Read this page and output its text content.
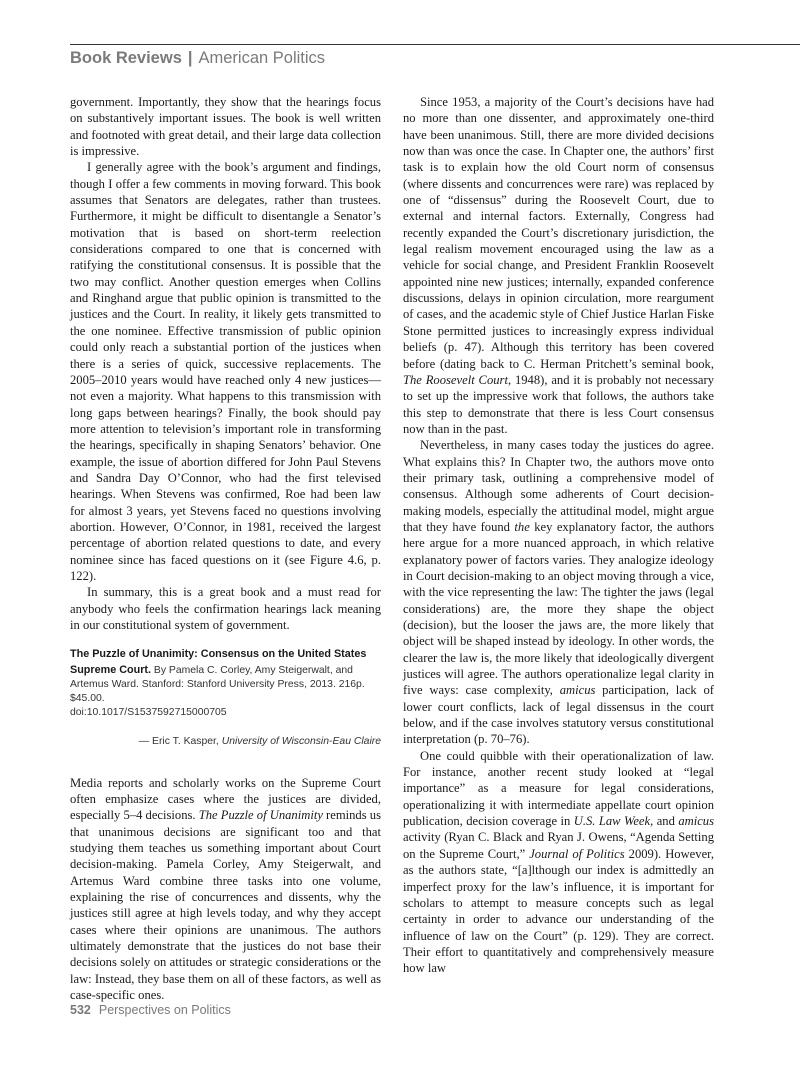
Book Reviews | American Politics

government. Importantly, they show that the hearings focus on substantively important issues. The book is well written and footnoted with great detail, and their large data collection is impressive.

I generally agree with the book’s argument and findings, though I offer a few comments in moving forward. This book assumes that Senators are delegates, rather than trustees. Furthermore, it might be difficult to disentangle a Senator’s motivation that is based on short-term reelection considerations compared to one that is concerned with ratifying the constitutional consensus. It is possible that the two may conflict. Another question emerges when Collins and Ringhand argue that public opinion is transmitted to the justices and the Court. In reality, it likely gets transmitted to the one nominee. Effective transmission of public opinion could only reach a substantial portion of the justices when there is a series of quick, successive replacements. The 2005–2010 years would have reached only 4 new justices—not even a majority. What happens to this transmission with long gaps between hearings? Finally, the book should pay more attention to television’s important role in transforming the hearings, specifically in shaping Senators’ behavior. One example, the issue of abortion differed for John Paul Stevens and Sandra Day O’Connor, who had the first televised hearings. When Stevens was confirmed, Roe had been law for almost 3 years, yet Stevens faced no questions involving abortion. However, O’Connor, in 1981, received the largest percentage of abortion related questions to date, and every nominee since has faced questions on it (see Figure 4.6, p. 122).

In summary, this is a great book and a must read for anybody who feels the confirmation hearings lack meaning in our constitutional system of government.

The Puzzle of Unanimity: Consensus on the United States Supreme Court. By Pamela C. Corley, Amy Steigerwalt, and Artemus Ward. Stanford: Stanford University Press, 2013. 216p. $45.00.
doi:10.1017/S1537592715000705
— Eric T. Kasper, University of Wisconsin-Eau Claire

Media reports and scholarly works on the Supreme Court often emphasize cases where the justices are divided, especially 5–4 decisions. The Puzzle of Unanimity reminds us that unanimous decisions are significant too and that studying them teaches us something important about Court decision-making. Pamela Corley, Amy Steigerwalt, and Artemus Ward combine three tasks into one volume, explaining the rise of concurrences and dissents, why the justices still agree at high levels today, and why they accept cases where their opinions are unanimous. The authors ultimately demonstrate that the justices do not base their decisions solely on attitudes or strategic considerations or the law: Instead, they base them on all of these factors, as well as case-specific ones.

Since 1953, a majority of the Court’s decisions have had no more than one dissenter, and approximately one-third have been unanimous. Still, there are more divided decisions now than was once the case. In Chapter one, the authors’ first task is to explain how the old Court norm of consensus (where dissents and concurrences were rare) was replaced by one of “dissensus” during the Roosevelt Court, due to external and internal factors. Externally, Congress had recently expanded the Court’s discretionary jurisdiction, the legal realism movement encouraged using the law as a vehicle for social change, and President Franklin Roosevelt appointed nine new justices; internally, expanded conference discussions, delays in opinion circulation, more reargument of cases, and the academic style of Chief Justice Harlan Fiske Stone permitted justices to increasingly express individual beliefs (p. 47). Although this territory has been covered before (dating back to C. Herman Pritchett’s seminal book, The Roosevelt Court, 1948), and it is probably not necessary to set up the impressive work that follows, the authors take this step to demonstrate that there is less Court consensus now than in the past.

Nevertheless, in many cases today the justices do agree. What explains this? In Chapter two, the authors move onto their primary task, outlining a comprehensive model of consensus. Although some adherents of Court decision-making models, especially the attitudinal model, might argue that they have found the key explanatory factor, the authors here argue for a more nuanced approach, in which relative explanatory power of factors varies. They analogize ideology in Court decision-making to an object moving through a vice, with the vice representing the law: The tighter the jaws (legal considerations) are, the more they shape the object (decision), but the looser the jaws are, the more likely that object will be shaped instead by ideology. In other words, the clearer the law is, the more likely that ideologically divergent justices will agree. The authors operationalize legal clarity in five ways: case complexity, amicus participation, lack of lower court conflicts, lack of legal dissensus in the court below, and if the case involves statutory versus constitutional interpretation (p. 70–76).

One could quibble with their operationalization of law. For instance, another recent study looked at “legal importance” as a measure for legal considerations, operationalizing it with intermediate appellate court opinion publication, decision coverage in U.S. Law Week, and amicus activity (Ryan C. Black and Ryan J. Owens, “Agenda Setting on the Supreme Court,” Journal of Politics 2009). However, as the authors state, “[a]lthough our index is admittedly an imperfect proxy for the law’s influence, it is important for scholars to attempt to measure concepts such as legal certainty in order to advance our understanding of the influence of law on the Court” (p. 129). They are correct. Their effort to quantitatively and comprehensively measure how law

532 Perspectives on Politics
